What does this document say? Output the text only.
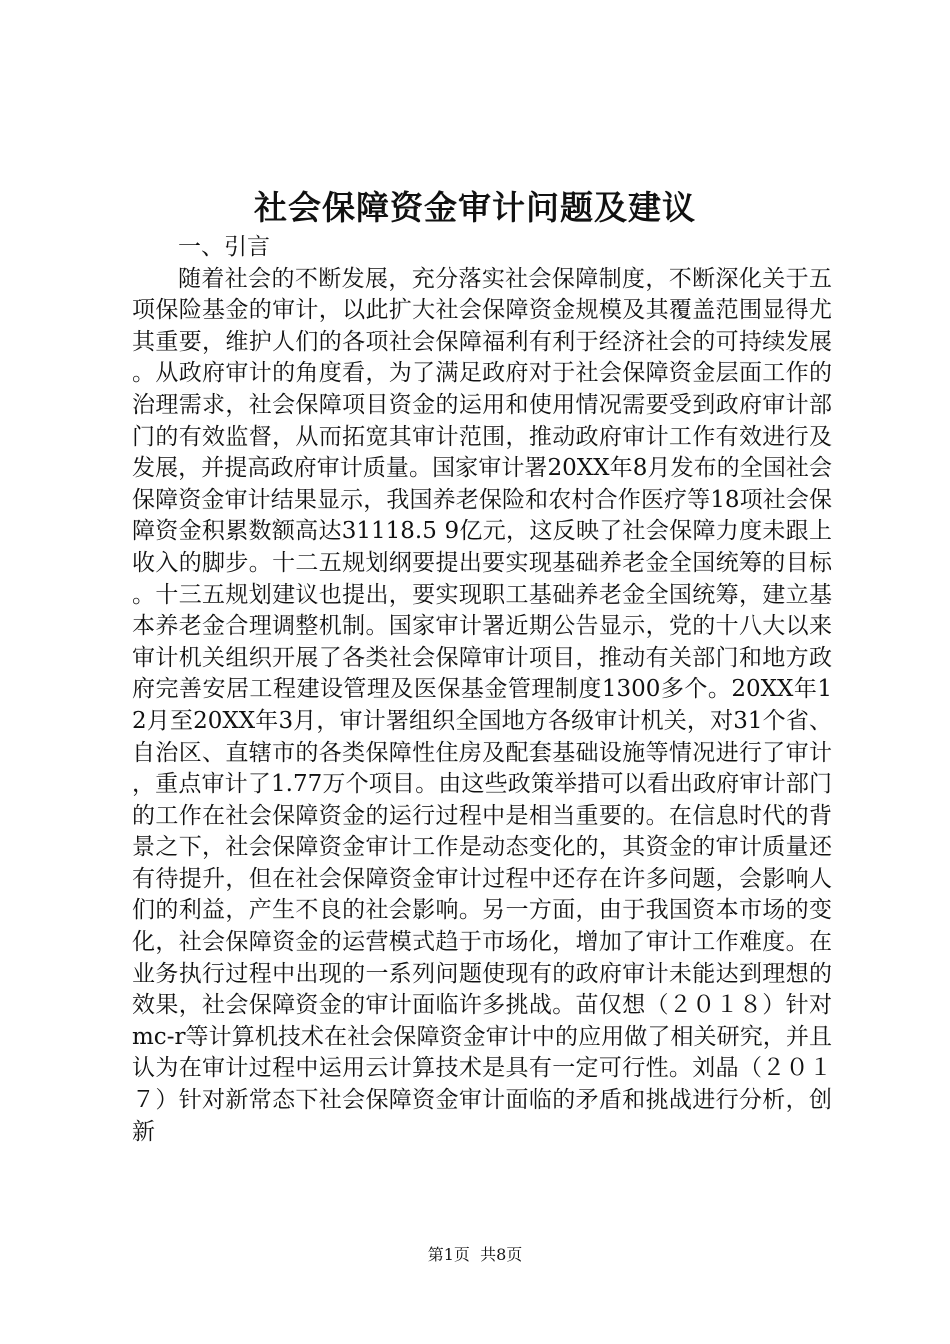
社会保障资金审计问题及建议

一、引言

随着社会的不断发展，充分落实社会保障制度，不断深化关于五项保险基金的审计，以此扩大社会保障资金规模及其覆盖范围显得尤其重要，维护人们的各项社会保障福利有利于经济社会的可持续发展。从政府审计的角度看，为了满足政府对于社会保障资金层面工作的治理需求，社会保障项目资金的运用和使用情况需要受到政府审计部门的有效监督，从而拓宽其审计范围，推动政府审计工作有效进行及发展，并提高政府审计质量。国家审计署20XX年8月发布的全国社会保障资金审计结果显示，我国养老保险和农村合作医疗等18项社会保障资金积累数额高达31118.5 9亿元，这反映了社会保障力度未跟上收入的脚步。十二五规划纲要提出要实现基础养老金全国统筹的目标。十三五规划建议也提出，要实现职工基础养老金全国统筹，建立基本养老金合理调整机制。国家审计署近期公告显示，党的十八大以来审计机关组织开展了各类社会保障审计项目，推动有关部门和地方政府完善安居工程建设管理及医保基金管理制度1300多个。20XX年12月至20XX年3月，审计署组织全国地方各级审计机关，对31个省、自治区、直辖市的各类保障性住房及配套基础设施等情况进行了审计，重点审计了1.77万个项目。由这些政策举措可以看出政府审计部门的工作在社会保障资金的运行过程中是相当重要的。在信息时代的背景之下，社会保障资金审计工作是动态变化的，其资金的审计质量还有待提升，但在社会保障资金审计过程中还存在许多问题，会影响人们的利益，产生不良的社会影响。另一方面，由于我国资本市场的变化，社会保障资金的运营模式趋于市场化，增加了审计工作难度。在业务执行过程中出现的一系列问题使现有的政府审计未能达到理想的效果，社会保障资金的审计面临许多挑战。苗仅想（２０１８）针对mc-r等计算机技术在社会保障资金审计中的应用做了相关研究，并且认为在审计过程中运用云计算技术是具有一定可行性。刘晶（２０１７）针对新常态下社会保障资金审计面临的矛盾和挑战进行分析，创新

第1页 共8页
